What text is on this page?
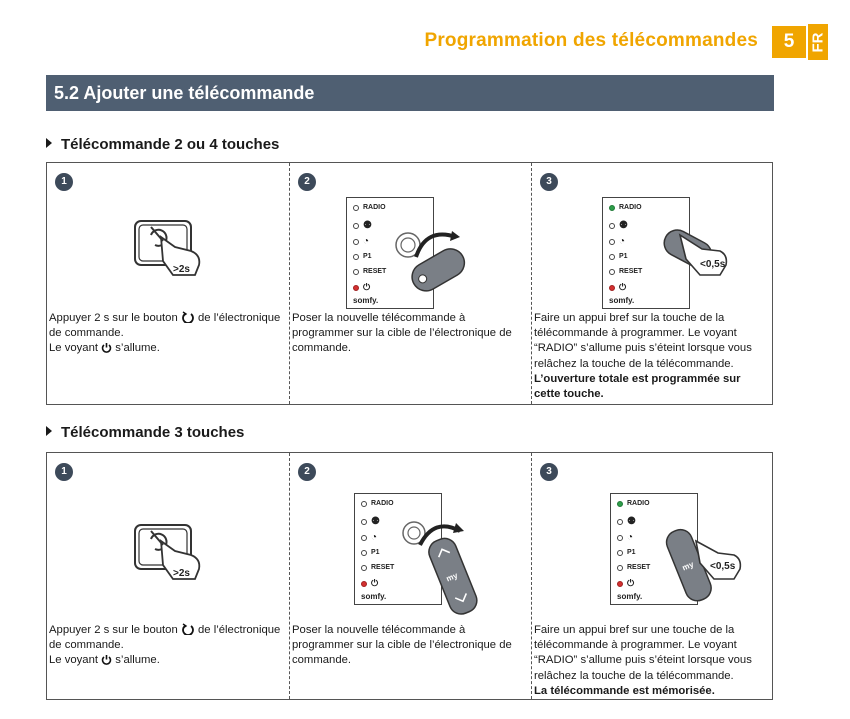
Programmation des télécommandes	5	FR
5.2 Ajouter une télécommande
Télécommande 2 ou 4 touches
1
>2s
Appuyer 2 s sur le bouton  de l’électronique de commande.
Le voyant  s’allume.
2
RADIO
⚉
◔
P1
RESET
⏻
somfy.
Poser la nouvelle télécommande à programmer sur la cible de l’électronique de commande.
3
RADIO
⚉
◔
P1
RESET
⏻
somfy.
<0,5s
Faire un appui bref sur la touche de la télécommande à programmer. Le voyant “RADIO” s’allume puis s’éteint lorsque vous relâchez la touche de la télécommande.
L’ouverture totale est programmée sur cette touche.
Télécommande 3 touches
1
>2s
Appuyer 2 s sur le bouton  de l’électronique de commande.
Le voyant  s’allume.
2
RADIO
⚉
◔
P1
RESET
⏻
somfy.
my
Poser la nouvelle télécommande à programmer sur la cible de l’électronique de commande.
3
RADIO
⚉
◔
P1
RESET
⏻
somfy.
my <0,5s
Faire un appui bref sur une touche de la télécommande à programmer. Le voyant “RADIO” s’allume puis s’éteint lorsque vous relâchez la touche de la télécommande.
La télécommande est mémorisée.
